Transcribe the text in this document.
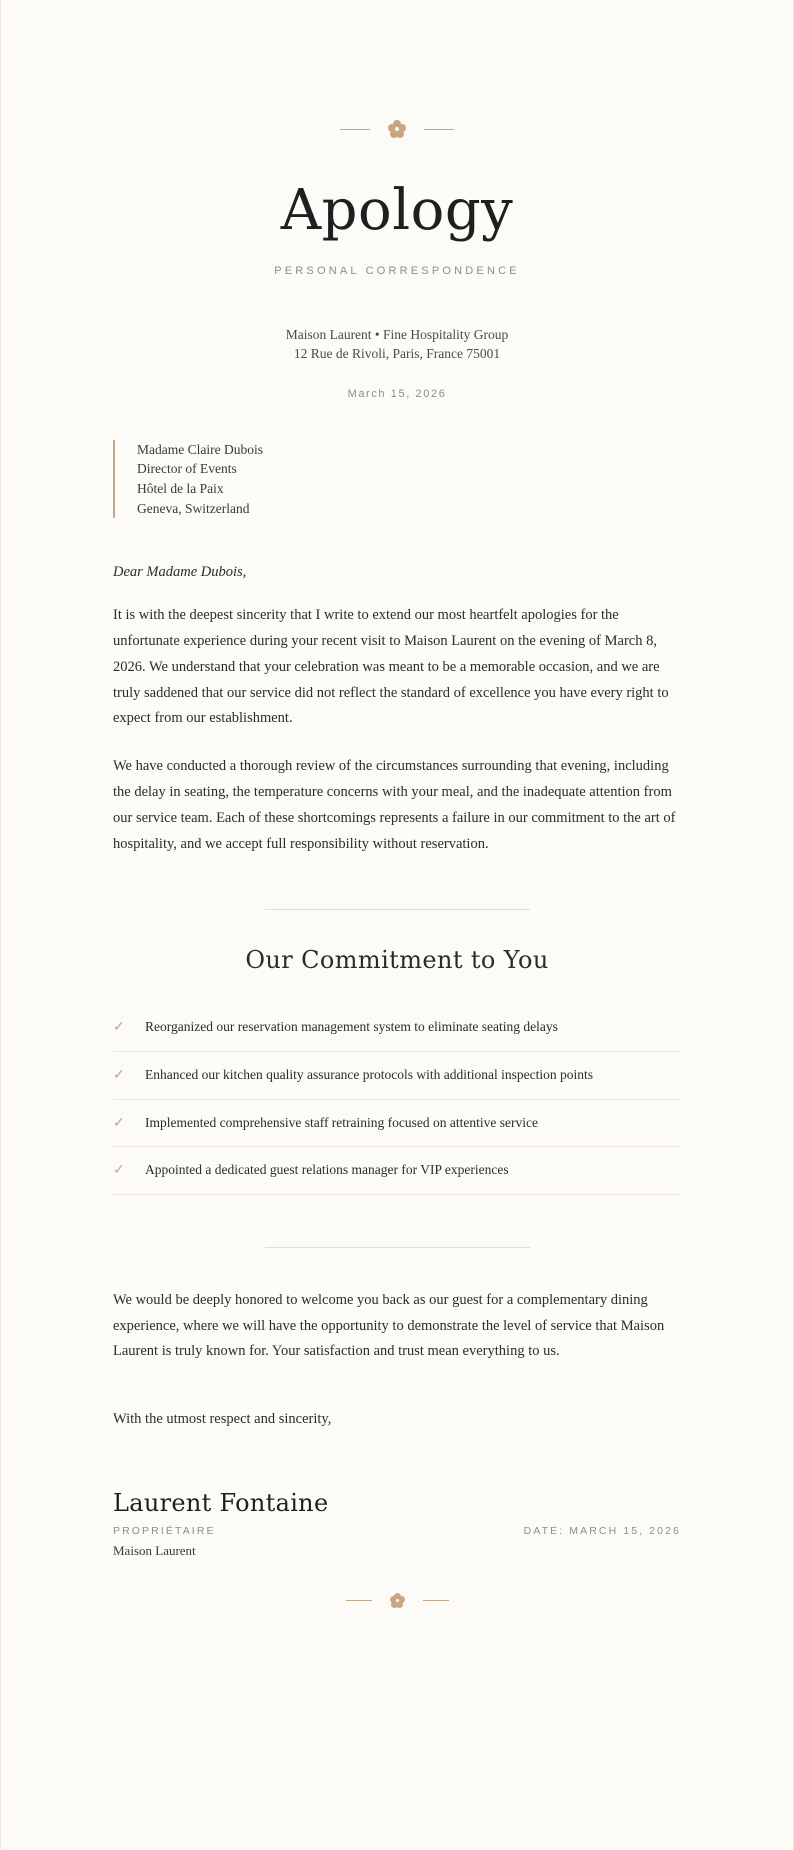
Apology
PERSONAL CORRESPONDENCE
Maison Laurent • Fine Hospitality Group
12 Rue de Rivoli, Paris, France 75001
March 15, 2026
Madame Claire Dubois
Director of Events
Hôtel de la Paix
Geneva, Switzerland
Dear Madame Dubois,

It is with the deepest sincerity that I write to extend our most heartfelt apologies for the unfortunate experience during your recent visit to Maison Laurent on the evening of March 8, 2026. We understand that your celebration was meant to be a memorable occasion, and we are truly saddened that our service did not reflect the standard of excellence you have every right to expect from our establishment.

We have conducted a thorough review of the circumstances surrounding that evening, including the delay in seating, the temperature concerns with your meal, and the inadequate attention from our service team. Each of these shortcomings represents a failure in our commitment to the art of hospitality, and we accept full responsibility without reservation.

Our Commitment to You
✓	Reorganized our reservation management system to eliminate seating delays
✓	Enhanced our kitchen quality assurance protocols with additional inspection points
✓	Implemented comprehensive staff retraining focused on attentive service
✓	Appointed a dedicated guest relations manager for VIP experiences

We would be deeply honored to welcome you back as our guest for a complementary dining experience, where we will have the opportunity to demonstrate the level of service that Maison Laurent is truly known for. Your satisfaction and trust mean everything to us.

With the utmost respect and sincerity,

Laurent Fontaine
PROPRIÉTAIRE	DATE: MARCH 15, 2026
Maison Laurent
